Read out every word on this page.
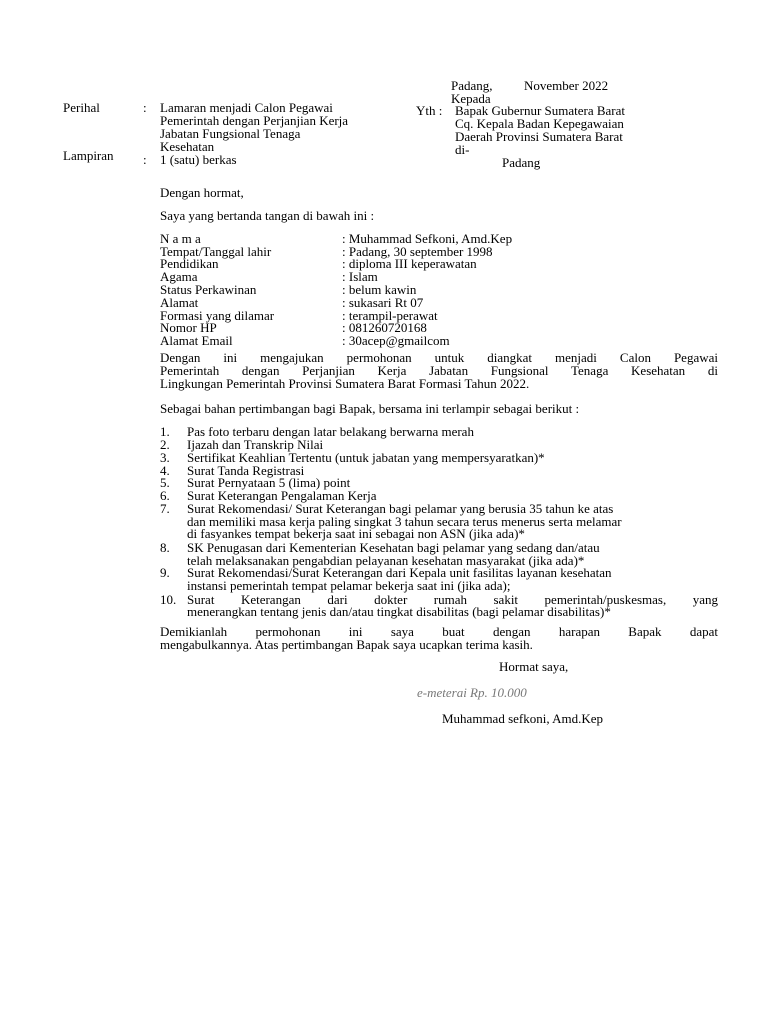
Perihal	: Lamaran menjadi Calon Pegawai
Pemerintah dengan Perjanjian Kerja
Jabatan Fungsional Tenaga
Kesehatan
Lampiran : 1 (satu) berkas
Padang, November 2022
Kepada
Yth : Bapak Gubernur Sumatera Barat
Cq. Kepala Badan Kepegawaian
Daerah Provinsi Sumatera Barat
di-
Padang
Dengan hormat,
Saya yang bertanda tangan di bawah ini :
N a m a	: Muhammad Sefkoni, Amd.Kep
Tempat/Tanggal lahir	: Padang, 30 september 1998
Pendidikan	: diploma III keperawatan
Agama	: Islam
Status Perkawinan	: belum kawin
Alamat	: sukasari Rt 07
Formasi yang dilamar	: terampil-perawat
Nomor HP	: 081260720168
Alamat Email	: 30acep@gmailcom
Dengan ini mengajukan permohonan untuk diangkat menjadi Calon Pegawai
Pemerintah dengan Perjanjian Kerja Jabatan Fungsional Tenaga Kesehatan di
Lingkungan Pemerintah Provinsi Sumatera Barat Formasi Tahun 2022.
Sebagai bahan pertimbangan bagi Bapak, bersama ini terlampir sebagai berikut :
1. Pas foto terbaru dengan latar belakang berwarna merah
2. Ijazah dan Transkrip Nilai
3. Sertifikat Keahlian Tertentu (untuk jabatan yang mempersyaratkan)*
4. Surat Tanda Registrasi
5. Surat Pernyataan 5 (lima) point
6. Surat Keterangan Pengalaman Kerja
7. Surat Rekomendasi/ Surat Keterangan bagi pelamar yang berusia 35 tahun ke atas
dan memiliki masa kerja paling singkat 3 tahun secara terus menerus serta melamar
di fasyankes tempat bekerja saat ini sebagai non ASN (jika ada)*
8. SK Penugasan dari Kementerian Kesehatan bagi pelamar yang sedang dan/atau
telah melaksanakan pengabdian pelayanan kesehatan masyarakat (jika ada)*
9. Surat Rekomendasi/Surat Keterangan dari Kepala unit fasilitas layanan kesehatan
instansi pemerintah tempat pelamar bekerja saat ini (jika ada);
10. Surat Keterangan dari dokter rumah sakit pemerintah/puskesmas, yang
menerangkan tentang jenis dan/atau tingkat disabilitas (bagi pelamar disabilitas)*
Demikianlah permohonan ini saya buat dengan harapan Bapak dapat
mengabulkannya. Atas pertimbangan Bapak saya ucapkan terima kasih.
Hormat saya,
e-meterai Rp. 10.000
Muhammad sefkoni, Amd.Kep
